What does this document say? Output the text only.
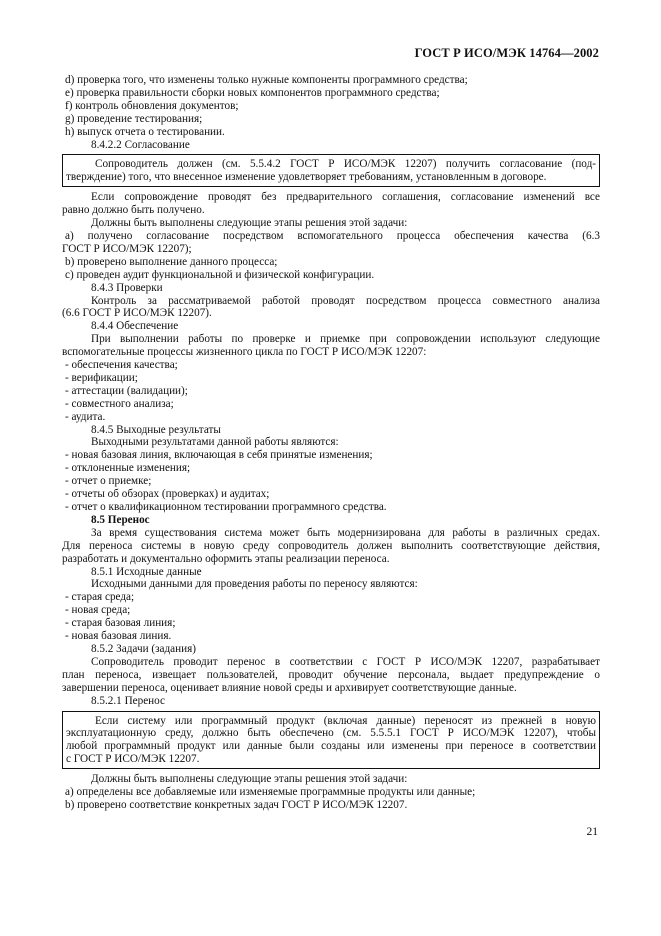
ГОСТ Р ИСО/МЭК 14764—2002
d) проверка того, что изменены только нужные компоненты программного средства;
e) проверка правильности сборки новых компонентов программного средства;
f) контроль обновления документов;
g) проведение тестирования;
h) выпуск отчета о тестировании.
8.4.2.2 Согласование
Сопроводитель должен (см. 5.5.4.2 ГОСТ Р ИСО/МЭК 12207) получить согласование (под-
тверждение) того, что внесенное изменение удовлетворяет требованиям, установленным в договоре.
Если сопровождение проводят без предварительного соглашения, согласование изменений все
равно должно быть получено.
Должны быть выполнены следующие этапы решения этой задачи:
a) получено согласование посредством вспомогательного процесса обеспечения качества (6.3
ГОСТ Р ИСО/МЭК 12207);
b) проверено выполнение данного процесса;
c) проведен аудит функциональной и физической конфигурации.
8.4.3 Проверки
Контроль за рассматриваемой работой проводят посредством процесса совместного анализа
(6.6 ГОСТ Р ИСО/МЭК 12207).
8.4.4 Обеспечение
При выполнении работы по проверке и приемке при сопровождении используют следующие
вспомогательные процессы жизненного цикла по ГОСТ Р ИСО/МЭК 12207:
- обеспечения качества;
- верификации;
- аттестации (валидации);
- совместного анализа;
- аудита.
8.4.5 Выходные результаты
Выходными результатами данной работы являются:
- новая базовая линия, включающая в себя принятые изменения;
- отклоненные изменения;
- отчет о приемке;
- отчеты об обзорах (проверках) и аудитах;
- отчет о квалификационном тестировании программного средства.
8.5 Перенос
За время существования система может быть модернизирована для работы в различных средах.
Для переноса системы в новую среду сопроводитель должен выполнить соответствующие действия,
разработать и документально оформить этапы реализации переноса.
8.5.1 Исходные данные
Исходными данными для проведения работы по переносу являются:
- старая среда;
- новая среда;
- старая базовая линия;
- новая базовая линия.
8.5.2 Задачи (задания)
Сопроводитель проводит перенос в соответствии с ГОСТ Р ИСО/МЭК 12207, разрабатывает
план переноса, извещает пользователей, проводит обучение персонала, выдает предупреждение о
завершении переноса, оценивает влияние новой среды и архивирует соответствующие данные.
8.5.2.1 Перенос
Если систему или программный продукт (включая данные) переносят из прежней в новую
эксплуатационную среду, должно быть обеспечено (см. 5.5.5.1 ГОСТ Р ИСО/МЭК 12207), чтобы
любой программный продукт или данные были созданы или изменены при переносе в соответствии
с ГОСТ Р ИСО/МЭК 12207.
Должны быть выполнены следующие этапы решения этой задачи:
a) определены все добавляемые или изменяемые программные продукты или данные;
b) проверено соответствие конкретных задач ГОСТ Р ИСО/МЭК 12207.
21
